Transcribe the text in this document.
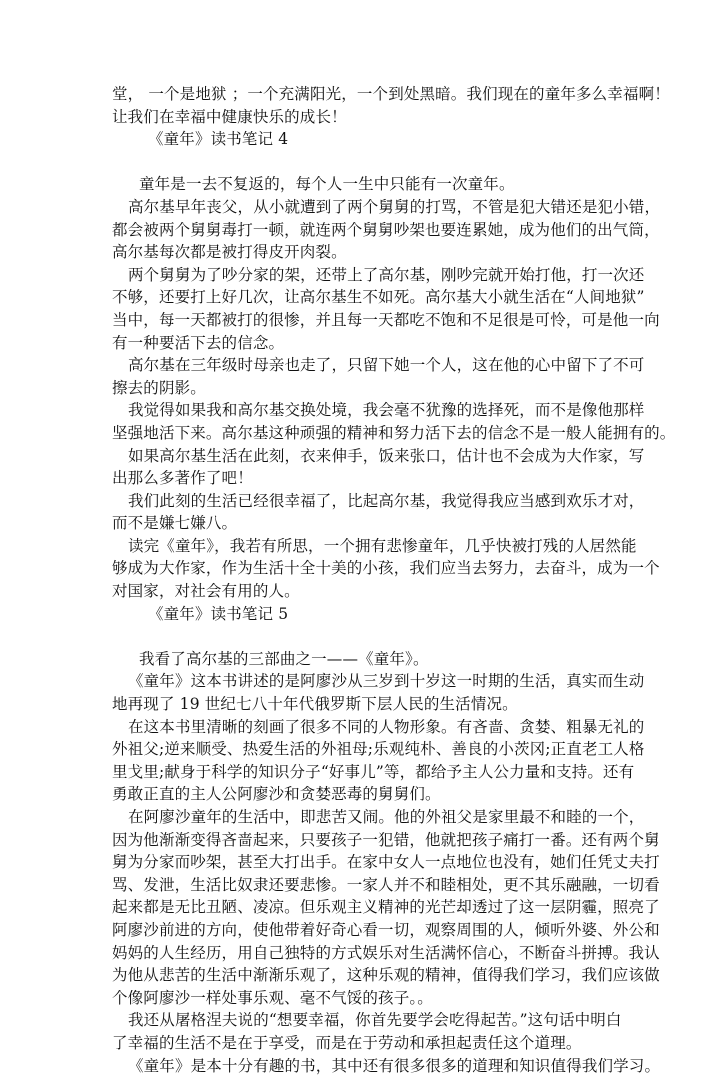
堂， 一个是地狱 ；一个充满阳光，一个到处黑暗。我们现在的童年多么幸福啊！
让我们在幸福中健康快乐的成长！
《童年》读书笔记 4
童年是一去不复返的，每个人一生中只能有一次童年。
高尔基早年丧父，从小就遭到了两个舅舅的打骂，不管是犯大错还是犯小错，
都会被两个舅舅毒打一顿，就连两个舅舅吵架也要连累她，成为他们的出气筒，
高尔基每次都是被打得皮开肉裂。
两个舅舅为了吵分家的架，还带上了高尔基，刚吵完就开始打他，打一次还
不够，还要打上好几次，让高尔基生不如死。高尔基大小就生活在“人间地狱”
当中，每一天都被打的很惨，并且每一天都吃不饱和不足很是可怜，可是他一向
有一种要活下去的信念。
高尔基在三年级时母亲也走了，只留下她一个人，这在他的心中留下了不可
擦去的阴影。
我觉得如果我和高尔基交换处境，我会毫不犹豫的选择死，而不是像他那样
坚强地活下来。高尔基这种顽强的精神和努力活下去的信念不是一般人能拥有的。
如果高尔基生活在此刻，衣来伸手，饭来张口，估计也不会成为大作家，写
出那么多著作了吧！
我们此刻的生活已经很幸福了，比起高尔基，我觉得我应当感到欢乐才对，
而不是嫌七嫌八。
读完《童年》，我若有所思，一个拥有悲惨童年，几乎快被打残的人居然能
够成为大作家，作为生活十全十美的小孩，我们应当去努力，去奋斗，成为一个
对国家，对社会有用的人。
《童年》读书笔记 5
我看了高尔基的三部曲之一——《童年》。
《童年》这本书讲述的是阿廖沙从三岁到十岁这一时期的生活，真实而生动
地再现了 19 世纪七八十年代俄罗斯下层人民的生活情况。
在这本书里清晰的刻画了很多不同的人物形象。有吝啬、贪婪、粗暴无礼的
外祖父;逆来顺受、热爱生活的外祖母;乐观纯朴、善良的小茨冈;正直老工人格
里戈里;献身于科学的知识分子“好事儿”等，都给予主人公力量和支持。还有
勇敢正直的主人公阿廖沙和贪婪恶毒的舅舅们。
在阿廖沙童年的生活中，即悲苦又闹。他的外祖父是家里最不和睦的一个，
因为他渐渐变得吝啬起来，只要孩子一犯错，他就把孩子痛打一番。还有两个舅
舅为分家而吵架，甚至大打出手。在家中女人一点地位也没有，她们任凭丈夫打
骂、发泄，生活比奴隶还要悲惨。一家人并不和睦相处，更不其乐融融，一切看
起来都是无比丑陋、凌凉。但乐观主义精神的光芒却透过了这一层阴霾，照亮了
阿廖沙前进的方向，使他带着好奇心看一切，观察周围的人，倾听外婆、外公和
妈妈的人生经历，用自己独特的方式娱乐对生活满怀信心，不断奋斗拼搏。我认
为他从悲苦的生活中渐渐乐观了，这种乐观的精神，值得我们学习，我们应该做
个像阿廖沙一样处事乐观、毫不气馁的孩子。。
我还从屠格涅夫说的“想要幸福，你首先要学会吃得起苦。”这句话中明白
了幸福的生活不是在于享受，而是在于劳动和承担起责任这个道理。
《童年》是本十分有趣的书，其中还有很多很多的道理和知识值得我们学习。
